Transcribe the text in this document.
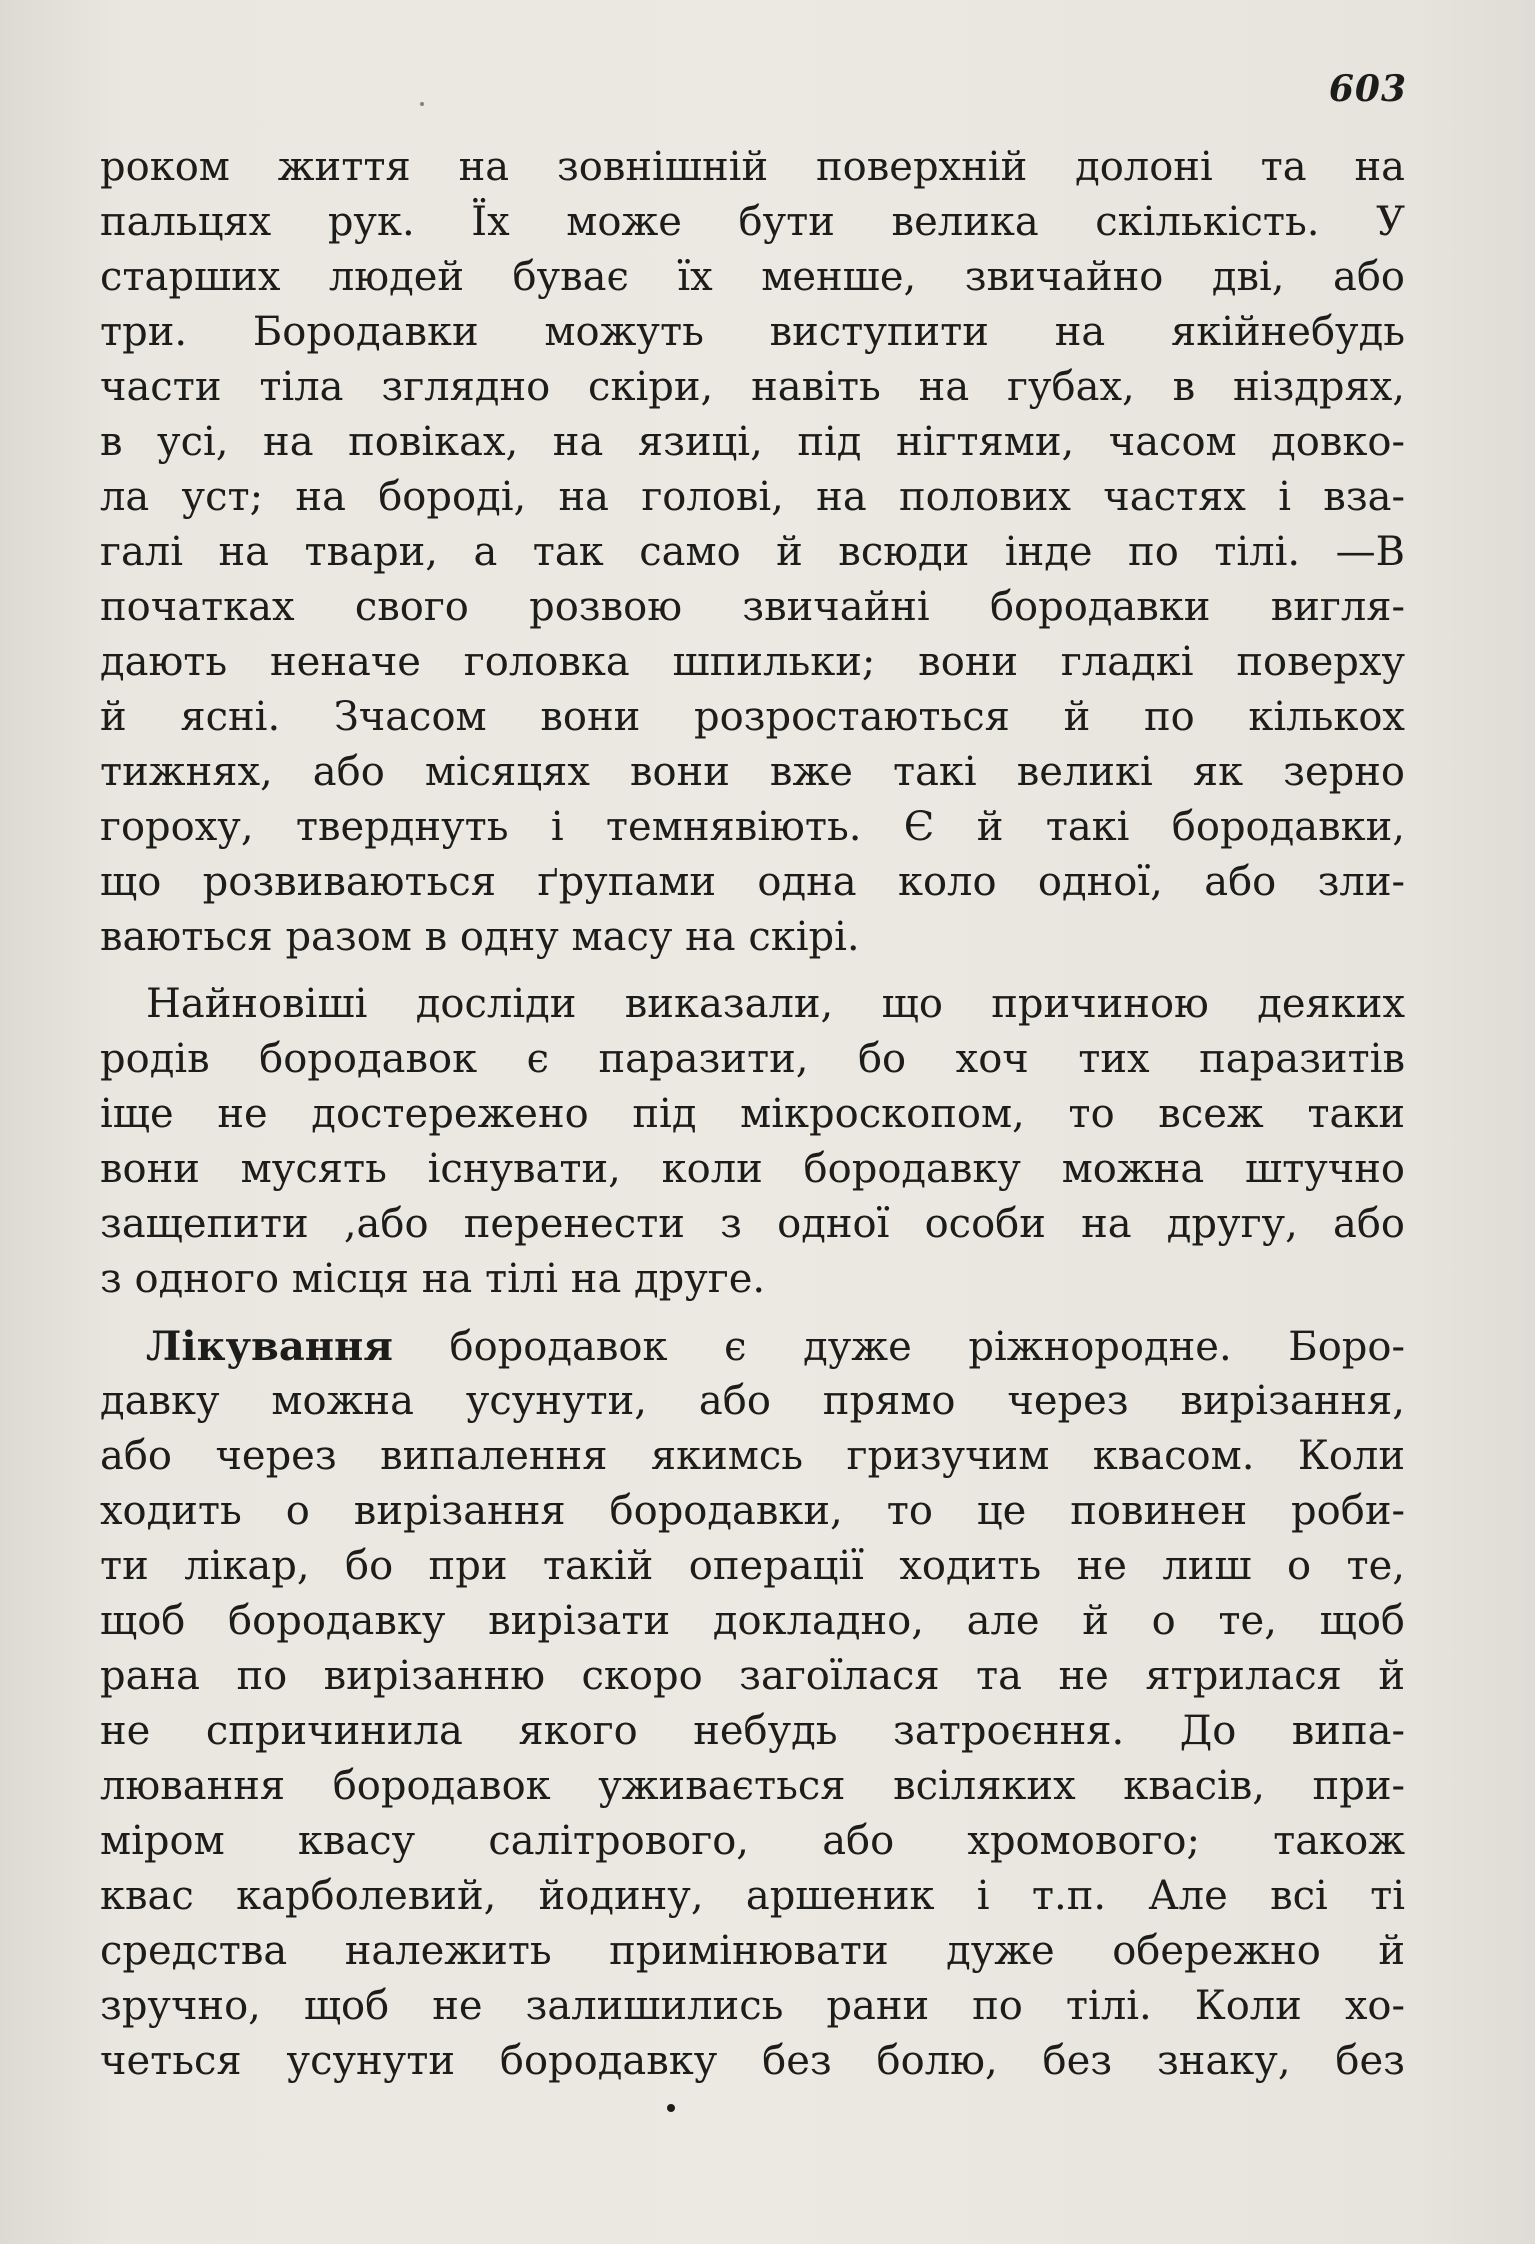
603
роком життя на зовнішній поверхній долоні та на
пальцях рук. Їх може бути велика скількість. У
старших людей буває їх менше, звичайно дві, або
три. Бородавки можуть виступити на якійнебудь
части тіла зглядно скіри, навіть на губах, в ніздрях,
в усі, на повіках, на язиці, під нігтями, часом довко-
ла уст; на бороді, на голові, на полових частях і вза-
галі на твари, а так само й всюди інде по тілі. —В
початках свого розвою звичайні бородавки вигля-
дають неначе головка шпильки; вони гладкі поверху
й ясні. Зчасом вони розростаються й по кількох
тижнях, або місяцях вони вже такі великі як зерно
гороху, тверднуть і темнявіють. Є й такі бородавки,
що розвиваються ґрупами одна коло одної, або зли-
ваються разом в одну масу на скірі.
Найновіші досліди виказали, що причиною деяких
родів бородавок є паразити, бо хоч тих паразитів
іще не достережено під мікроскопом, то всеж таки
вони мусять існувати, коли бородавку можна штучно
защепити ,або перенести з одної особи на другу, або
з одного місця на тілі на друге.
Лікування бородавок є дуже ріжнородне. Боро-
давку можна усунути, або прямо через вирізання,
або через випалення якимсь гризучим квасом. Коли
ходить о вирізання бородавки, то це повинен роби-
ти лікар, бо при такій операції ходить не лиш о те,
щоб бородавку вирізати докладно, але й о те, щоб
рана по вирізанню скоро загоїлася та не ятрилася й
не спричинила якого небудь затроєння. До випа-
лювання бородавок уживається всіляких квасів, при-
міром квасу салітрового, або хромового; також
квас карболевий, йодину, аршеник і т.п. Але всі ті
средства належить примінювати дуже обережно й
зручно, щоб не залишились рани по тілі. Коли хо-
четься усунути бородавку без болю, без знаку, без
